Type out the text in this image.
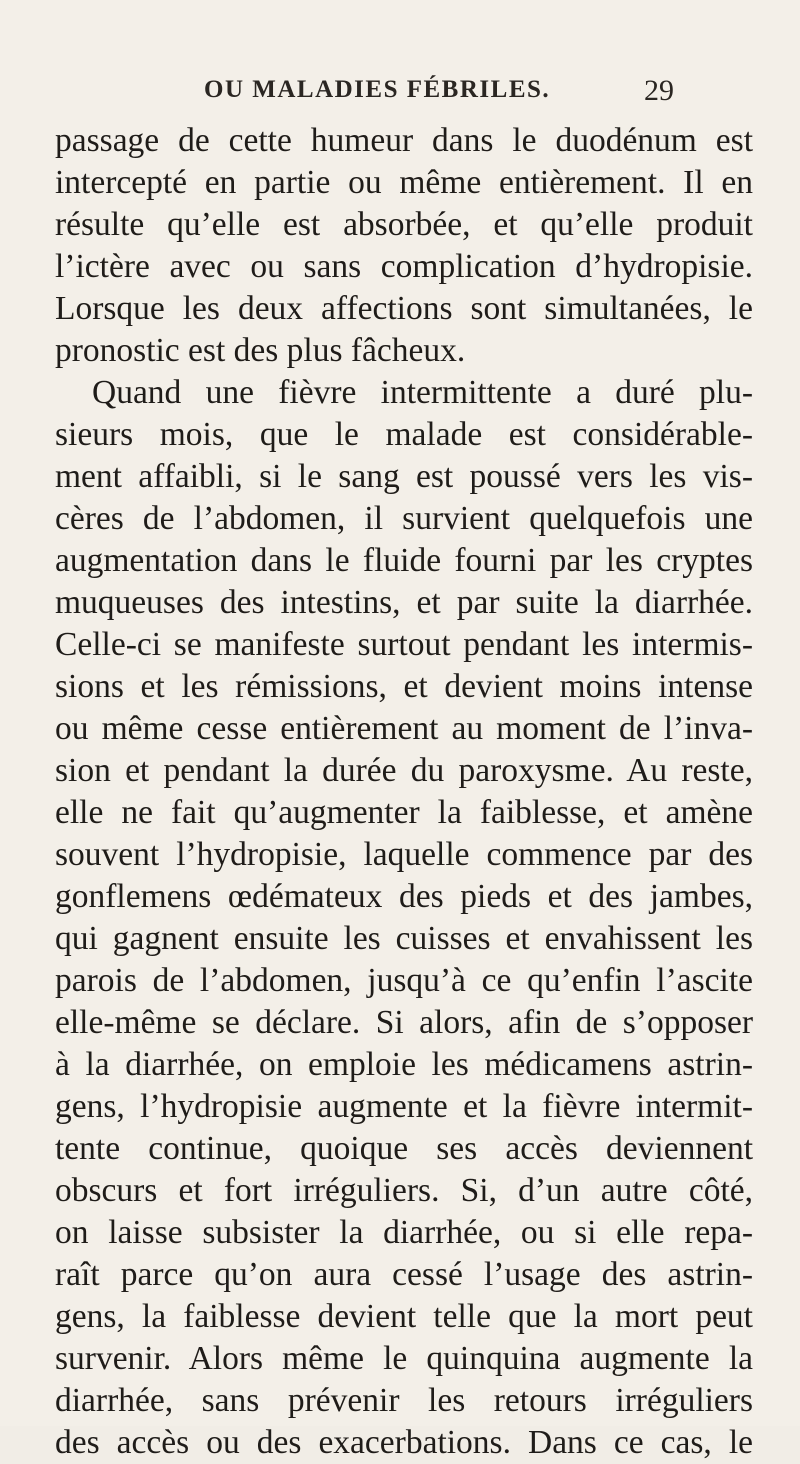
OU MALADIES FÉBRILES.	29
passage de cette humeur dans le duodénum est
intercepté en partie ou même entièrement. Il en
résulte qu’elle est absorbée, et qu’elle produit
l’ictère avec ou sans complication d’hydropisie.
Lorsque les deux affections sont simultanées, le
pronostic est des plus fâcheux.
Quand une fièvre intermittente a duré plu-
sieurs mois, que le malade est considérable-
ment affaibli, si le sang est poussé vers les vis-
cères de l’abdomen, il survient quelquefois une
augmentation dans le fluide fourni par les cryptes
muqueuses des intestins, et par suite la diarrhée.
Celle-ci se manifeste surtout pendant les intermis-
sions et les rémissions, et devient moins intense
ou même cesse entièrement au moment de l’inva-
sion et pendant la durée du paroxysme. Au reste,
elle ne fait qu’augmenter la faiblesse, et amène
souvent l’hydropisie, laquelle commence par des
gonflemens œdémateux des pieds et des jambes,
qui gagnent ensuite les cuisses et envahissent les
parois de l’abdomen, jusqu’à ce qu’enfin l’ascite
elle-même se déclare. Si alors, afin de s’opposer
à la diarrhée, on emploie les médicamens astrin-
gens, l’hydropisie augmente et la fièvre intermit-
tente continue, quoique ses accès deviennent
obscurs et fort irréguliers. Si, d’un autre côté,
on laisse subsister la diarrhée, ou si elle repa-
raît parce qu’on aura cessé l’usage des astrin-
gens, la faiblesse devient telle que la mort peut
survenir. Alors même le quinquina augmente la
diarrhée, sans prévenir les retours irréguliers
des accès ou des exacerbations. Dans ce cas, le
